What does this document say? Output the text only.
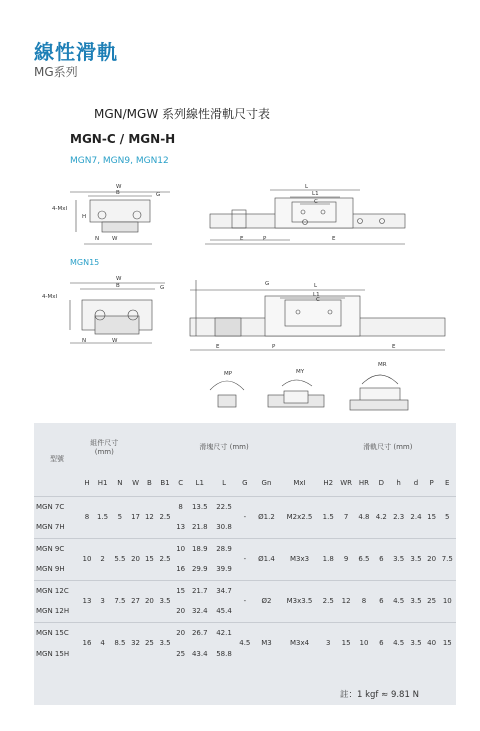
線性滑軌
MG系列
MGN/MGW 系列線性滑軌尺寸表
MGN-C / MGN-H
MGN7, MGN9, MGN12
MGN15
W
B	G
4-MxI
H
N W
L
L1
C
E	P	E
W
B	G
4-MxI
N	W
G	L
L1
C
E	P	E
MP	MY
MR
型號	組件尺寸
(mm)			滑塊尺寸 (mm)									滑軌尺寸 (mm)							
	H	H1	N	W	B	B1	C	L1	L	G	Gn	MxI	H2	WR	HR	D	h	d	P	E
MGN 7C	8	1.5	5	17	12	2.5	8	13.5	22.5	-	Ø1.2	M2x2.5	1.5	7	4.8	4.2	2.3	2.4	15	5
MGN 7H							13	21.8	30.8											
MGN 9C	10	2	5.5	20	15	2.5	10	18.9	28.9	-	Ø1.4	M3x3	1.8	9	6.5	6	3.5	3.5	20	7.5
MGN 9H							16	29.9	39.9											
MGN 12C	13	3	7.5	27	20	3.5	15	21.7	34.7	-	Ø2	M3x3.5	2.5	12	8	6	4.5	3.5	25	10
MGN 12H							20	32.4	45.4											
MGN 15C	16	4	8.5	32	25	3.5	20	26.7	42.1	4.5	M3	M3x4	3	15	10	6	4.5	3.5	40	15
MGN 15H							25	43.4	58.8											
註：1 kgf ≈ 9.81 N
